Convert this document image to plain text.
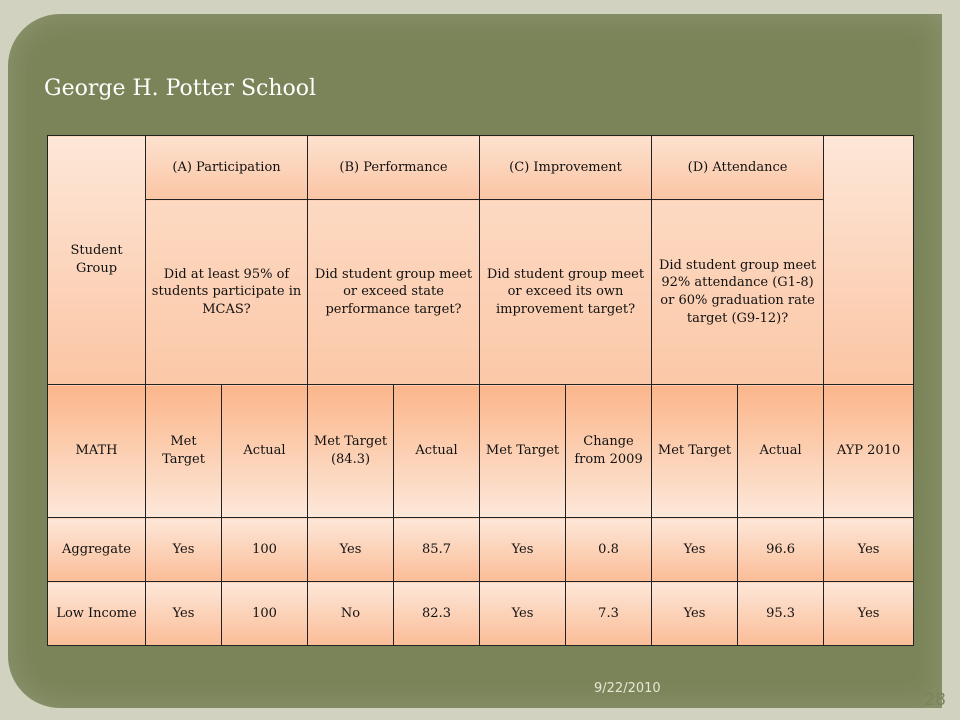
George H. Potter School
Student Group	(A) Participation		(B) Performance		(C) Improvement		(D) Attendance		
	Did at least 95% of students participate in MCAS?		Did student group meet or exceed state performance target?		Did student group meet or exceed its own improvement target?		Did student group meet 92% attendance (G1-8) or 60% graduation rate target (G9-12)?		
MATH	Met Target	Actual	Met Target (84.3)	Actual	Met Target	Change from 2009	Met Target	Actual	AYP 2010
Aggregate	Yes	100	Yes	85.7	Yes	0.8	Yes	96.6	Yes
Low Income	Yes	100	No	82.3	Yes	7.3	Yes	95.3	Yes
9/22/2010
28
